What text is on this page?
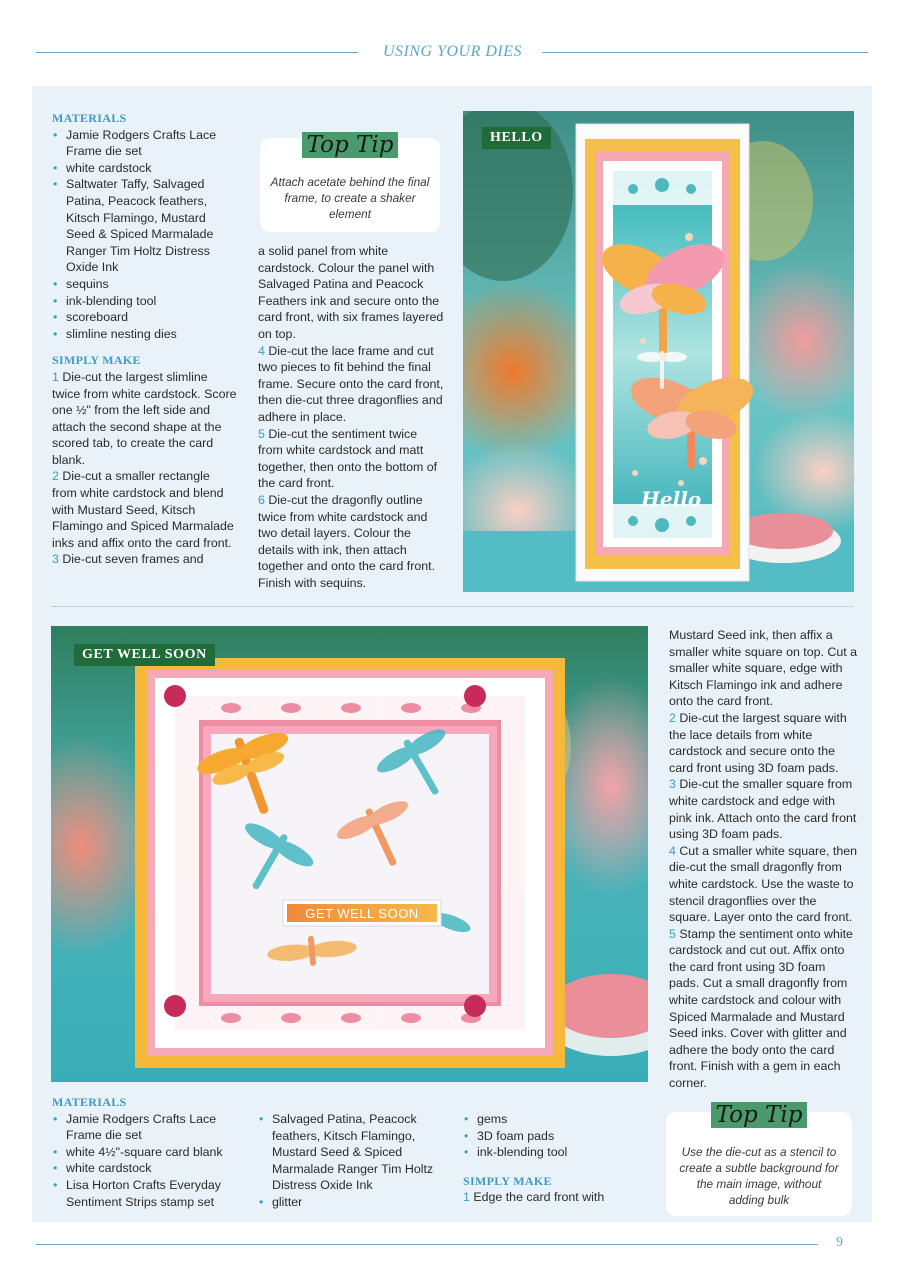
USING YOUR DIES
MATERIALS
• Jamie Rodgers Crafts Lace Frame die set
• white cardstock
• Saltwater Taffy, Salvaged Patina, Peacock feathers, Kitsch Flamingo, Mustard Seed & Spiced Marmalade Ranger Tim Holtz Distress Oxide Ink
• sequins
• ink-blending tool
• scoreboard
• slimline nesting dies
SIMPLY MAKE

1 Die-cut the largest slimline twice from white cardstock. Score one ½" from the left side and attach the second shape at the scored tab, to create the card blank.

2 Die-cut a smaller rectangle from white cardstock and blend with Mustard Seed, Kitsch Flamingo and Spiced Marmalade inks and affix onto the card front.

3 Die-cut seven frames and

Top Tip
Attach acetate behind the final frame, to create a shaker element

a solid panel from white cardstock. Colour the panel with Salvaged Patina and Peacock Feathers ink and secure onto the card front, with six frames layered on top.

4 Die-cut the lace frame and cut two pieces to fit behind the final frame. Secure onto the card front, then die-cut three dragonflies and adhere in place.

5 Die-cut the sentiment twice from white cardstock and matt together, then onto the bottom of the card front.

6 Die-cut the dragonfly outline twice from white cardstock and two detail layers. Colour the details with ink, then attach together and onto the card front. Finish with sequins.

Hello
HELLO
GET WELL SOON
GET WELL SOON

Mustard Seed ink, then affix a smaller white square on top. Cut a smaller white square, edge with Kitsch Flamingo ink and adhere onto the card front.

2 Die-cut the largest square with the lace details from white cardstock and secure onto the card front using 3D foam pads.

3 Die-cut the smaller square from white cardstock and edge with pink ink. Attach onto the card front using 3D foam pads.

4 Cut a smaller white square, then die-cut the small dragonfly from white cardstock. Use the waste to stencil dragonflies over the square. Layer onto the card front.

5 Stamp the sentiment onto white cardstock and cut out. Affix onto the card front using 3D foam pads. Cut a small dragonfly from white cardstock and colour with Spiced Marmalade and Mustard Seed inks. Cover with glitter and adhere the body onto the card front. Finish with a gem in each corner.

MATERIALS
• Jamie Rodgers Crafts Lace Frame die set
• white 4½"-square card blank
• white cardstock
• Lisa Horton Crafts Everyday Sentiment Strips stamp set
• Salvaged Patina, Peacock feathers, Kitsch Flamingo, Mustard Seed & Spiced Marmalade Ranger Tim Holtz Distress Oxide Ink
• glitter
• gems
• 3D foam pads
• ink-blending tool
SIMPLY MAKE

1 Edge the card front with

Top Tip
Use the die-cut as a stencil to create a subtle background for the main image, without adding bulk
9
